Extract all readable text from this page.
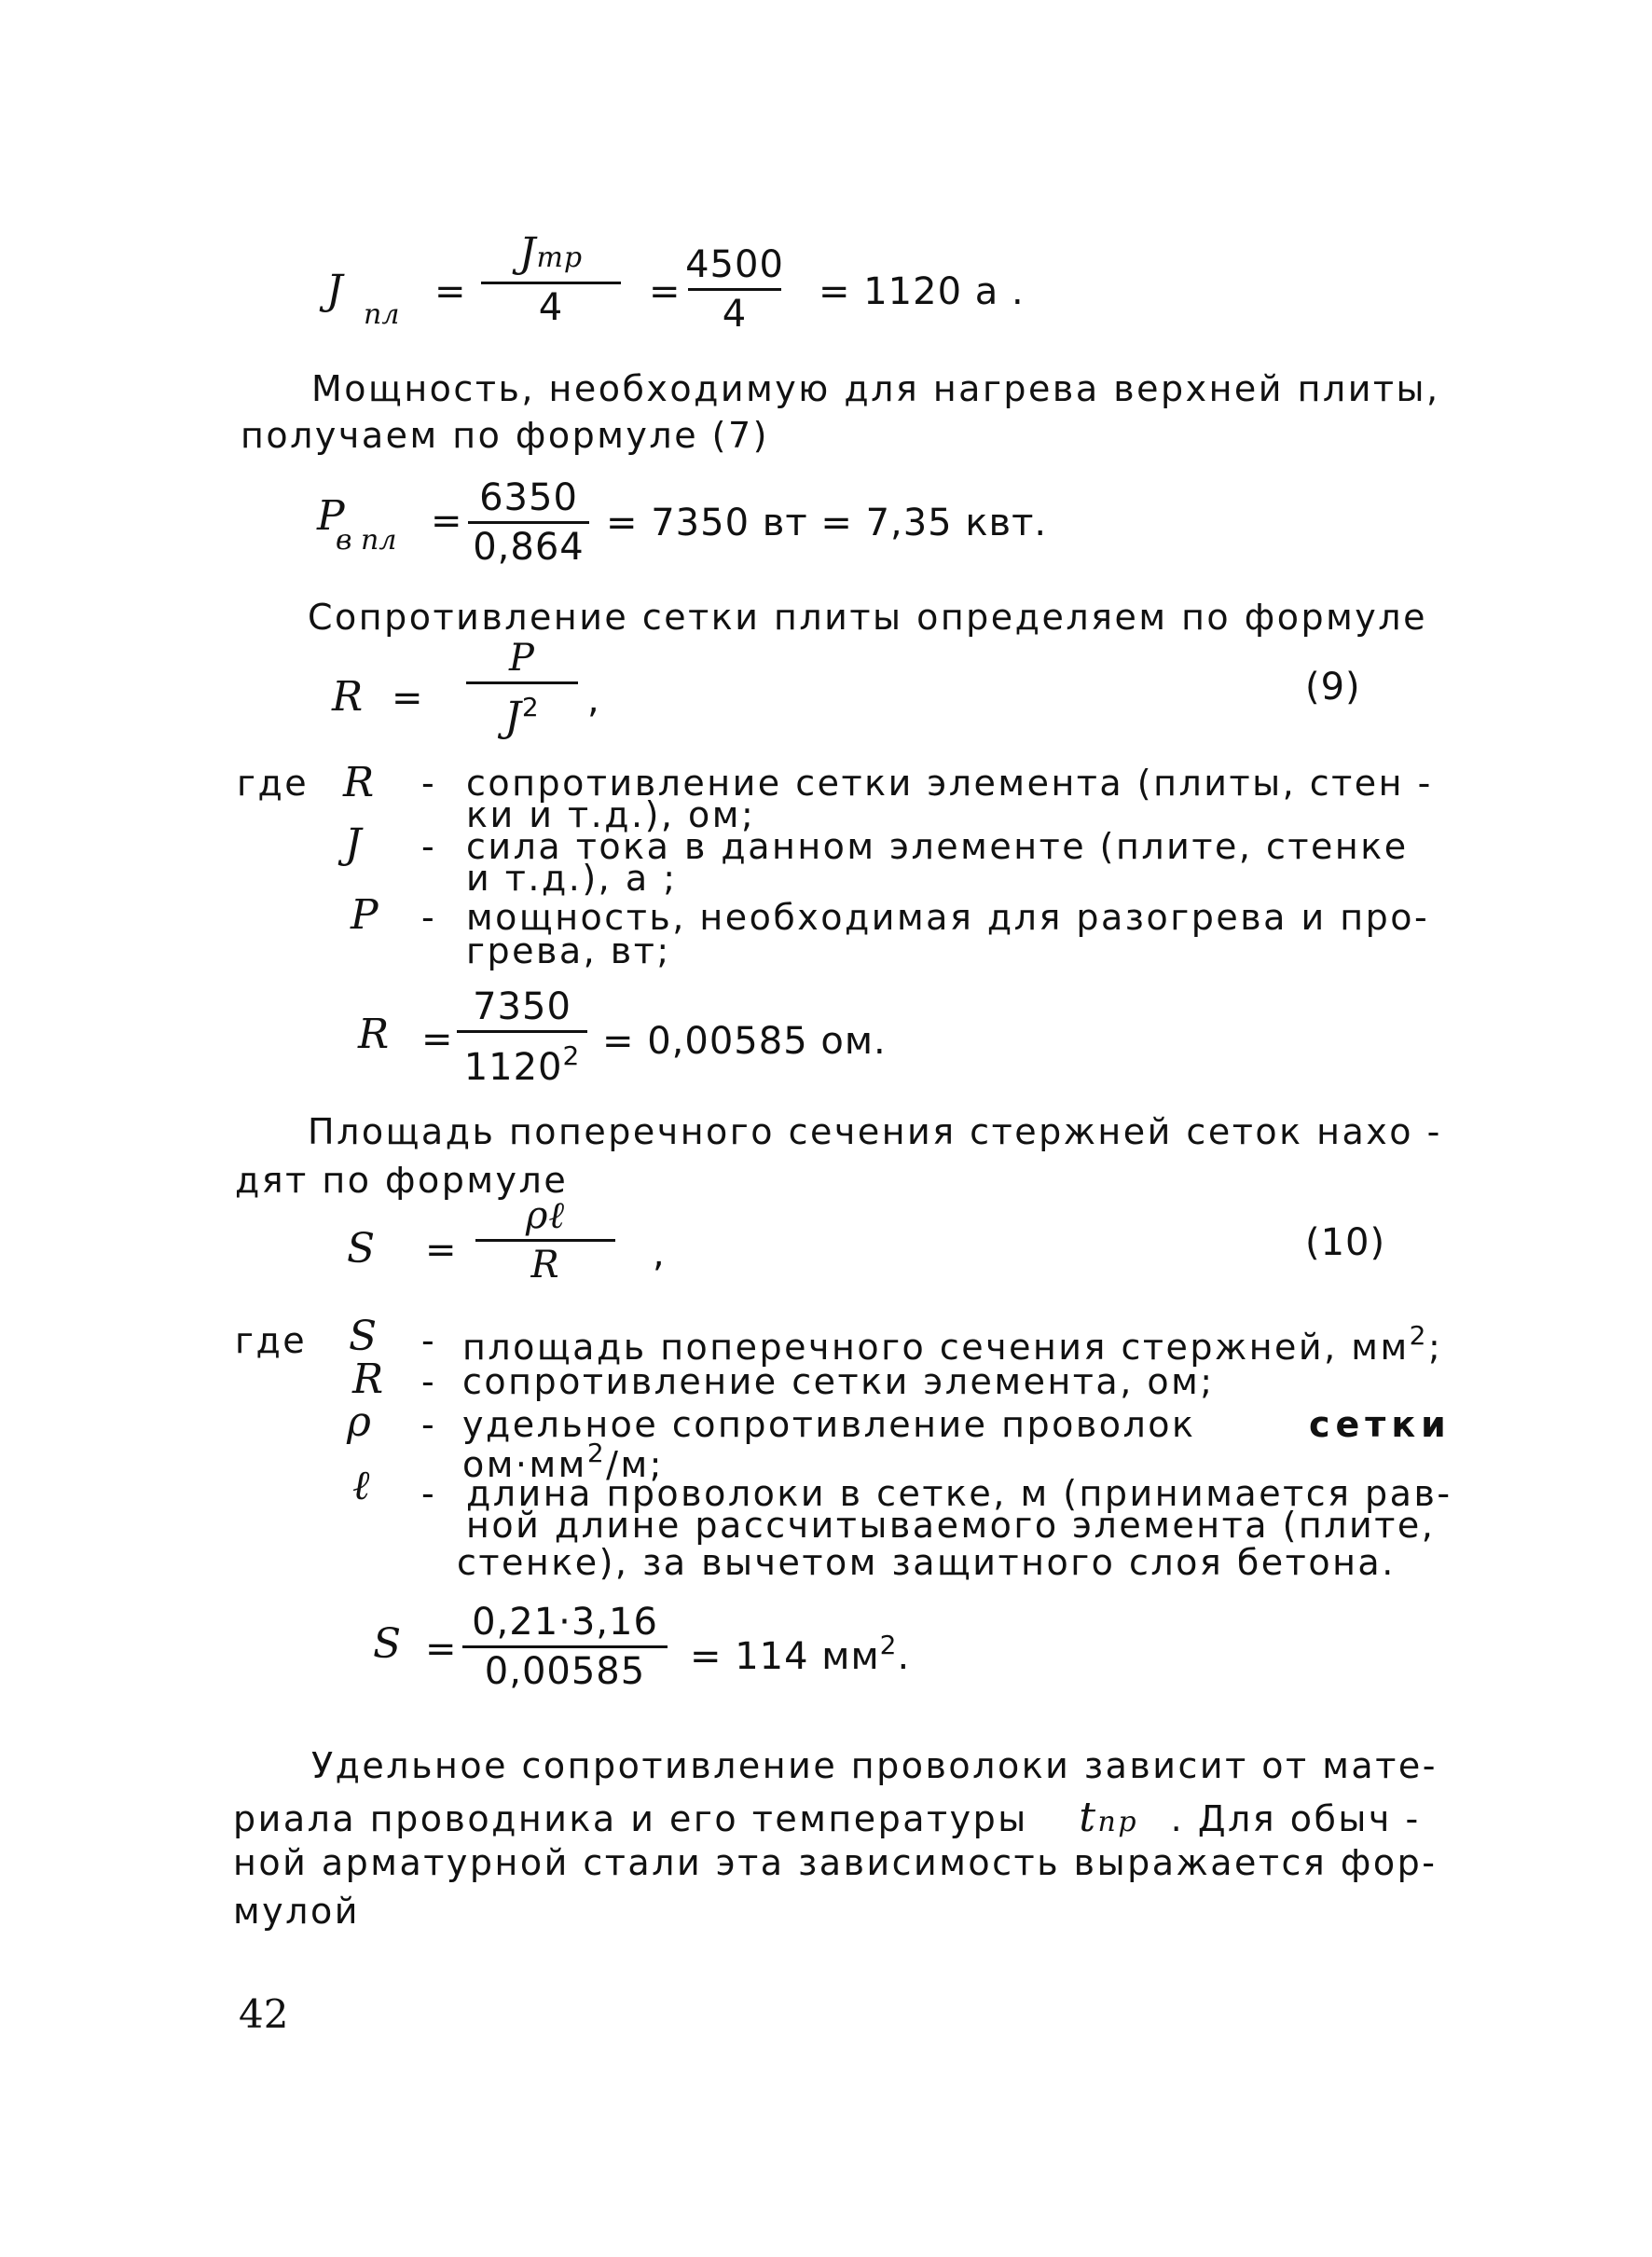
J
пл
=
Jтр
4 =
4500
4
= 1120 а .
Мощность, необходимую для нагрева верхней плиты,
получаем по формуле (7)
P
в пл =
6350
0,864
= 7350 вт = 7,35 квт.
Сопротивление сетки плиты определяем по формуле
R =
P
$J^2$ ,	(9)
где R - сопротивление сетки элемента (плиты, стен -
ки и т.д.), ом;
J - сила тока в данном элементе (плите, стенке
и т.д.), а ;
P - мощность, необходимая для разогрева и про-
грева, вт;
R =
7350
$1120^2 = 0,00585$ ом.
Площадь поперечного сечения стержней сеток нахо -
дят по формуле
S =
ρℓ
R ,	(10)
где S - площадь поперечного сечения стержней, $мм^2$;
R - сопротивление сетки элемента, ом;
ρ - удельное сопротивление проволок	сетки
$ом\cdot мм^2/м$;
ℓ - длина проволоки в сетке, м (принимается рав-
ной длине рассчитываемого элемента (плите,
стенке), за вычетом защитного слоя бетона.
S =
0,21·3,16
0,00585 = 114 $мм^2$.
Удельное сопротивление проволоки зависит от мате-
риала проводника и его температуры tпр . Для обыч -
ной арматурной стали эта зависимость выражается фор-
мулой
42
